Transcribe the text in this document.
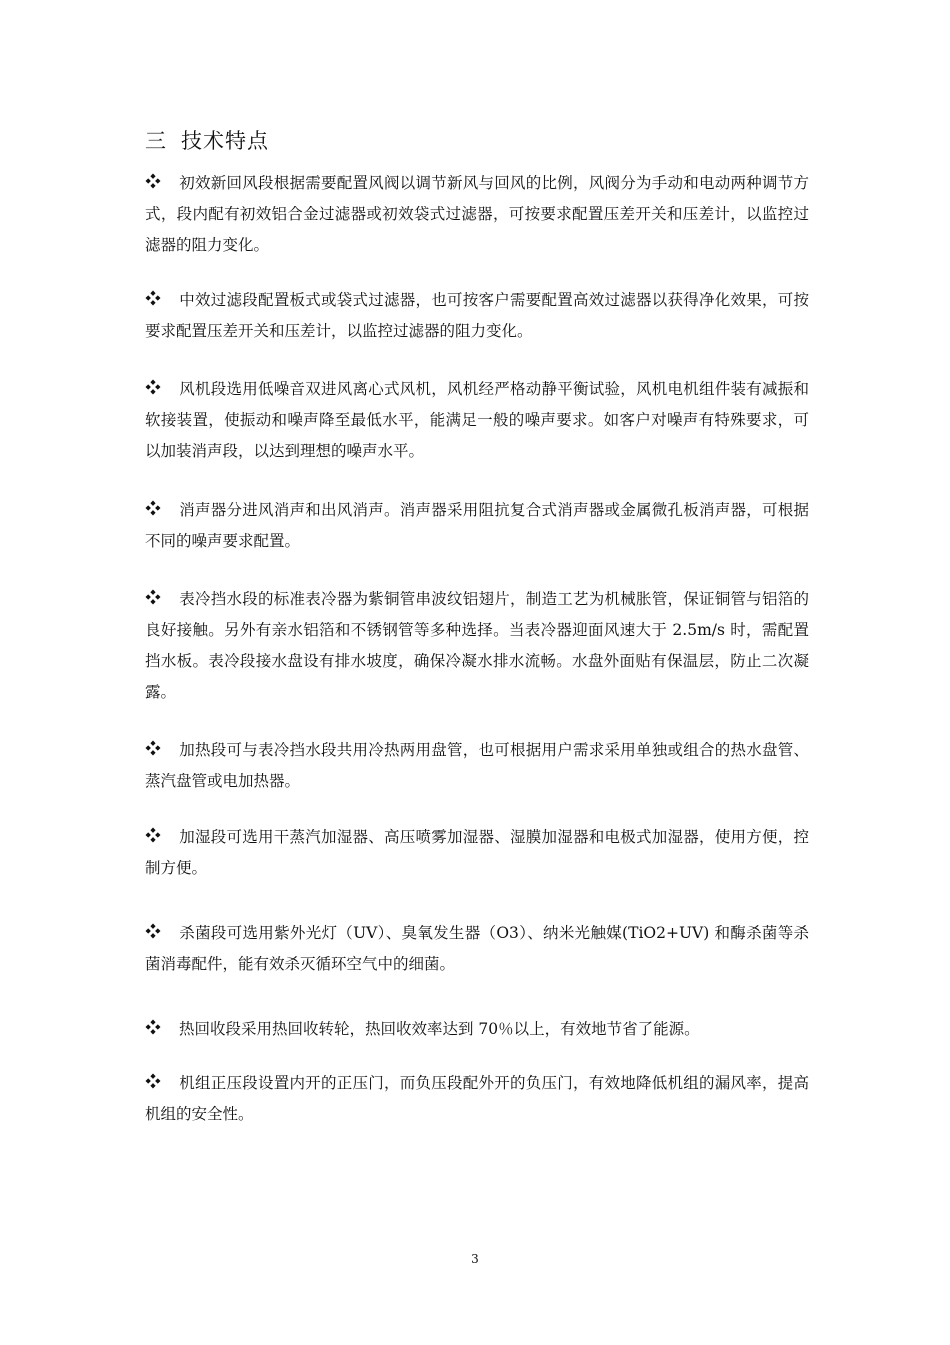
三 技术特点
初效新回风段根据需要配置风阀以调节新风与回风的比例，风阀分为手动和电动两种调节方式，段内配有初效铝合金过滤器或初效袋式过滤器，可按要求配置压差开关和压差计，以监控过滤器的阻力变化。
中效过滤段配置板式或袋式过滤器，也可按客户需要配置高效过滤器以获得净化效果，可按要求配置压差开关和压差计，以监控过滤器的阻力变化。
风机段选用低噪音双进风离心式风机，风机经严格动静平衡试验，风机电机组件装有减振和软接装置，使振动和噪声降至最低水平，能满足一般的噪声要求。如客户对噪声有特殊要求，可以加装消声段，以达到理想的噪声水平。
消声器分进风消声和出风消声。消声器采用阻抗复合式消声器或金属微孔板消声器，可根据不同的噪声要求配置。
表冷挡水段的标准表冷器为紫铜管串波纹铝翅片，制造工艺为机械胀管，保证铜管与铝箔的良好接触。另外有亲水铝箔和不锈钢管等多种选择。当表冷器迎面风速大于 2.5m/s 时，需配置挡水板。表冷段接水盘设有排水坡度，确保冷凝水排水流畅。水盘外面贴有保温层，防止二次凝露。
加热段可与表冷挡水段共用冷热两用盘管，也可根据用户需求采用单独或组合的热水盘管、蒸汽盘管或电加热器。
加湿段可选用干蒸汽加湿器、高压喷雾加湿器、湿膜加湿器和电极式加湿器，使用方便，控制方便。
杀菌段可选用紫外光灯（UV）、臭氧发生器（O3）、纳米光触媒(TiO2+UV) 和酶杀菌等杀菌消毒配件，能有效杀灭循环空气中的细菌。
热回收段采用热回收转轮，热回收效率达到 70％以上，有效地节省了能源。
机组正压段设置内开的正压门，而负压段配外开的负压门，有效地降低机组的漏风率，提高机组的安全性。
3
